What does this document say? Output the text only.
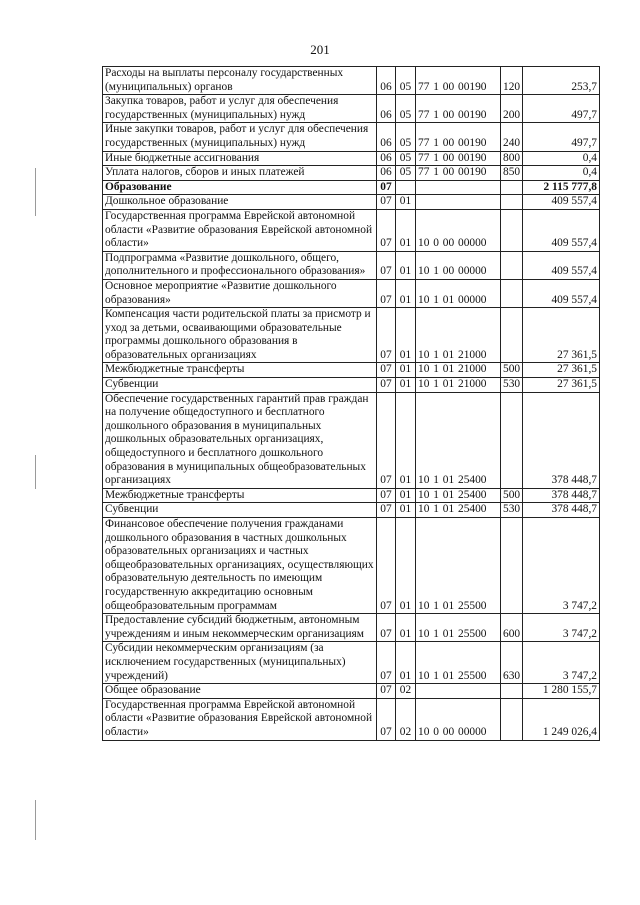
201
Расходы на выплаты персоналу государственных (муниципальных) органов	06	05	77 1 00 00190	120	253,7
Закупка товаров, работ и услуг для обеспечения государственных (муниципальных) нужд	06	05	77 1 00 00190	200	497,7
Иные закупки товаров, работ и услуг для обеспечения государственных (муниципальных) нужд	06	05	77 1 00 00190	240	497,7
Иные бюджетные ассигнования	06	05	77 1 00 00190	800	0,4
Уплата налогов, сборов и иных платежей	06	05	77 1 00 00190	850	0,4
Образование	07				2 115 777,8
Дошкольное образование	07	01			409 557,4
Государственная программа Еврейской автономной области «Развитие образования Еврейской автономной области»	07	01	10 0 00 00000		409 557,4
Подпрограмма «Развитие дошкольного, общего, дополнительного и профессионального образования»	07	01	10 1 00 00000		409 557,4
Основное мероприятие «Развитие дошкольного образования»	07	01	10 1 01 00000		409 557,4
Компенсация части родительской платы за присмотр и уход за детьми, осваивающими образовательные программы дошкольного образования в образовательных организациях	07	01	10 1 01 21000		27 361,5
Межбюджетные трансферты	07	01	10 1 01 21000	500	27 361,5
Субвенции	07	01	10 1 01 21000	530	27 361,5
Обеспечение государственных гарантий прав граждан на получение общедоступного и бесплатного дошкольного образования в муниципальных дошкольных образовательных организациях, общедоступного и бесплатного дошкольного образования в муниципальных общеобразовательных организациях	07	01	10 1 01 25400		378 448,7
Межбюджетные трансферты	07	01	10 1 01 25400	500	378 448,7
Субвенции	07	01	10 1 01 25400	530	378 448,7
Финансовое обеспечение получения гражданами дошкольного образования в частных дошкольных образовательных организациях и частных общеобразовательных организациях, осуществляющих образовательную деятельность по имеющим государственную аккредитацию основным общеобразовательным программам	07	01	10 1 01 25500		3 747,2
Предоставление субсидий бюджетным, автономным учреждениям и иным некоммерческим организациям	07	01	10 1 01 25500	600	3 747,2
Субсидии некоммерческим организациям (за исключением государственных (муниципальных) учреждений)	07	01	10 1 01 25500	630	3 747,2
Общее образование	07	02			1 280 155,7
Государственная программа Еврейской автономной области «Развитие образования Еврейской автономной области»	07	02	10 0 00 00000		1 249 026,4
